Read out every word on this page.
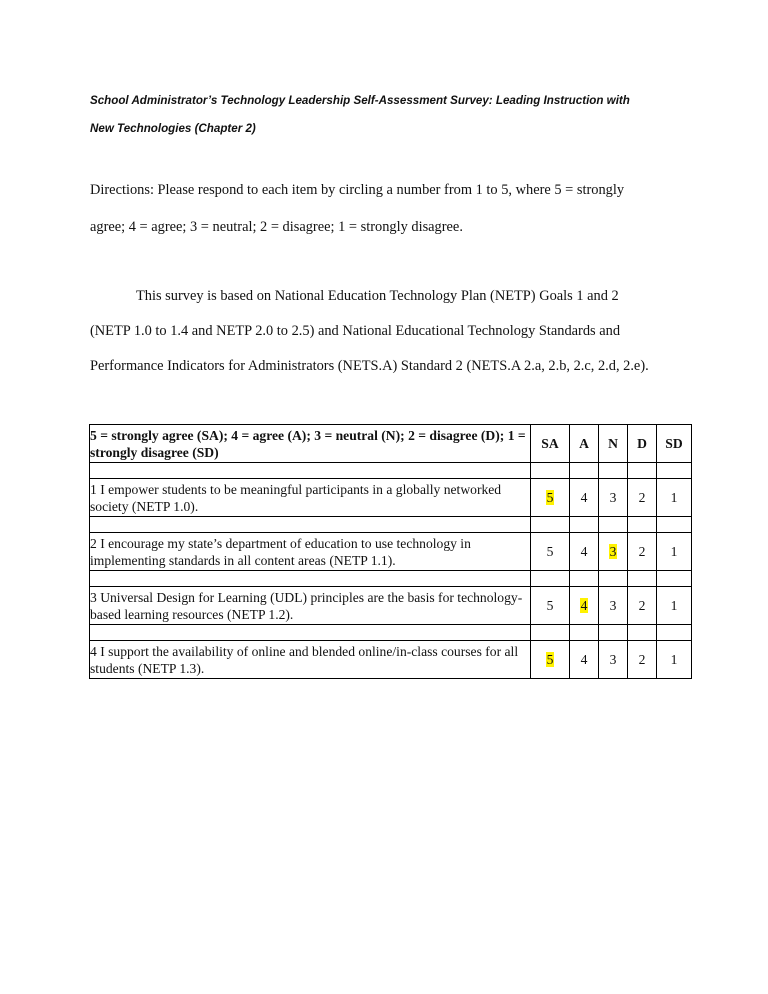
School Administrator’s Technology Leadership Self-Assessment Survey: Leading Instruction with

New Technologies (Chapter 2)

Directions: Please respond to each item by circling a number from 1 to 5, where 5 = strongly

agree; 4 = agree; 3 = neutral; 2 = disagree; 1 = strongly disagree.

This survey is based on National Education Technology Plan (NETP) Goals 1 and 2

(NETP 1.0 to 1.4 and NETP 2.0 to 2.5) and National Educational Technology Standards and

Performance Indicators for Administrators (NETS.A) Standard 2 (NETS.A 2.a, 2.b, 2.c, 2.d, 2.e).

5 = strongly agree (SA); 4 = agree (A); 3 = neutral (N); 2 = disagree (D); 1 = strongly disagree (SD)	SA	A	N	D	SD

1 I empower students to be meaningful participants in a globally networked society (NETP 1.0).	5	4	3	2	1

2 I encourage my state’s department of education to use technology in implementing standards in all content areas (NETP 1.1).	5	4	3	2	1

3 Universal Design for Learning (UDL) principles are the basis for technology-based learning resources (NETP 1.2).	5	4	3	2	1

4 I support the availability of online and blended online/in-class courses for all students (NETP 1.3).	5	4	3	2	1
